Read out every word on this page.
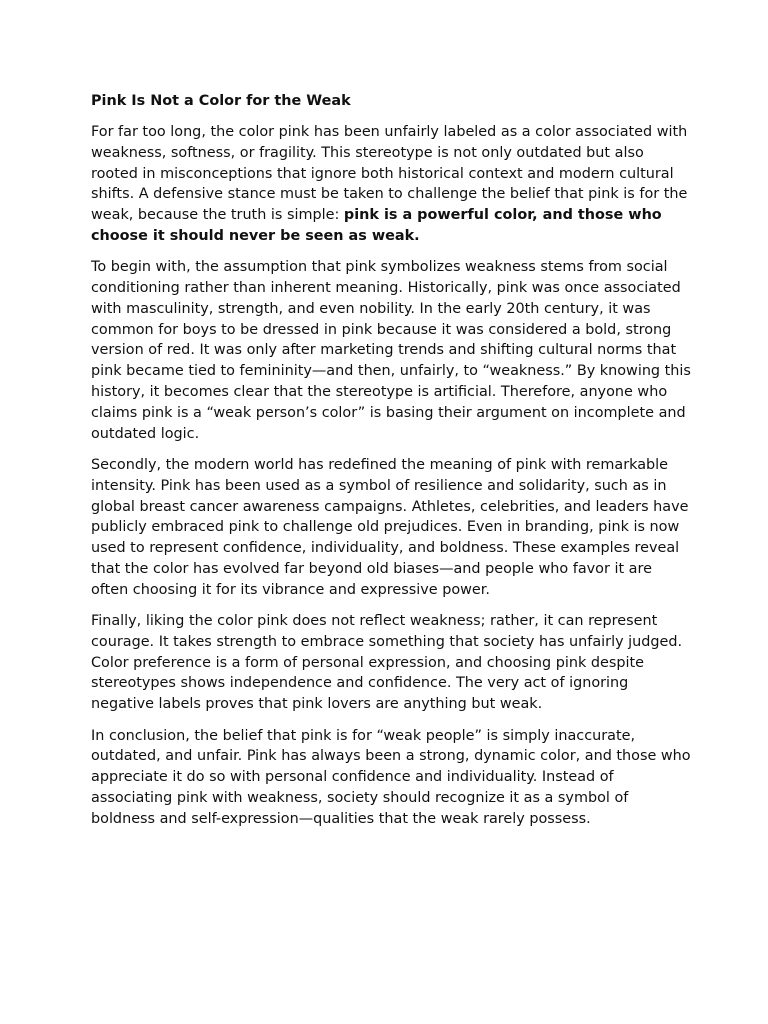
Pink Is Not a Color for the Weak

For far too long, the color pink has been unfairly labeled as a color associated with weakness, softness, or fragility. This stereotype is not only outdated but also rooted in misconceptions that ignore both historical context and modern cultural shifts. A defensive stance must be taken to challenge the belief that pink is for the weak, because the truth is simple: pink is a powerful color, and those who choose it should never be seen as weak.

To begin with, the assumption that pink symbolizes weakness stems from social conditioning rather than inherent meaning. Historically, pink was once associated with masculinity, strength, and even nobility. In the early 20th century, it was common for boys to be dressed in pink because it was considered a bold, strong version of red. It was only after marketing trends and shifting cultural norms that pink became tied to femininity—and then, unfairly, to “weakness.” By knowing this history, it becomes clear that the stereotype is artificial. Therefore, anyone who claims pink is a “weak person’s color” is basing their argument on incomplete and outdated logic.

Secondly, the modern world has redefined the meaning of pink with remarkable intensity. Pink has been used as a symbol of resilience and solidarity, such as in global breast cancer awareness campaigns. Athletes, celebrities, and leaders have publicly embraced pink to challenge old prejudices. Even in branding, pink is now used to represent confidence, individuality, and boldness. These examples reveal that the color has evolved far beyond old biases—and people who favor it are often choosing it for its vibrance and expressive power.

Finally, liking the color pink does not reflect weakness; rather, it can represent courage. It takes strength to embrace something that society has unfairly judged. Color preference is a form of personal expression, and choosing pink despite stereotypes shows independence and confidence. The very act of ignoring negative labels proves that pink lovers are anything but weak.

In conclusion, the belief that pink is for “weak people” is simply inaccurate, outdated, and unfair. Pink has always been a strong, dynamic color, and those who appreciate it do so with personal confidence and individuality. Instead of associating pink with weakness, society should recognize it as a symbol of boldness and self-expression—qualities that the weak rarely possess.
